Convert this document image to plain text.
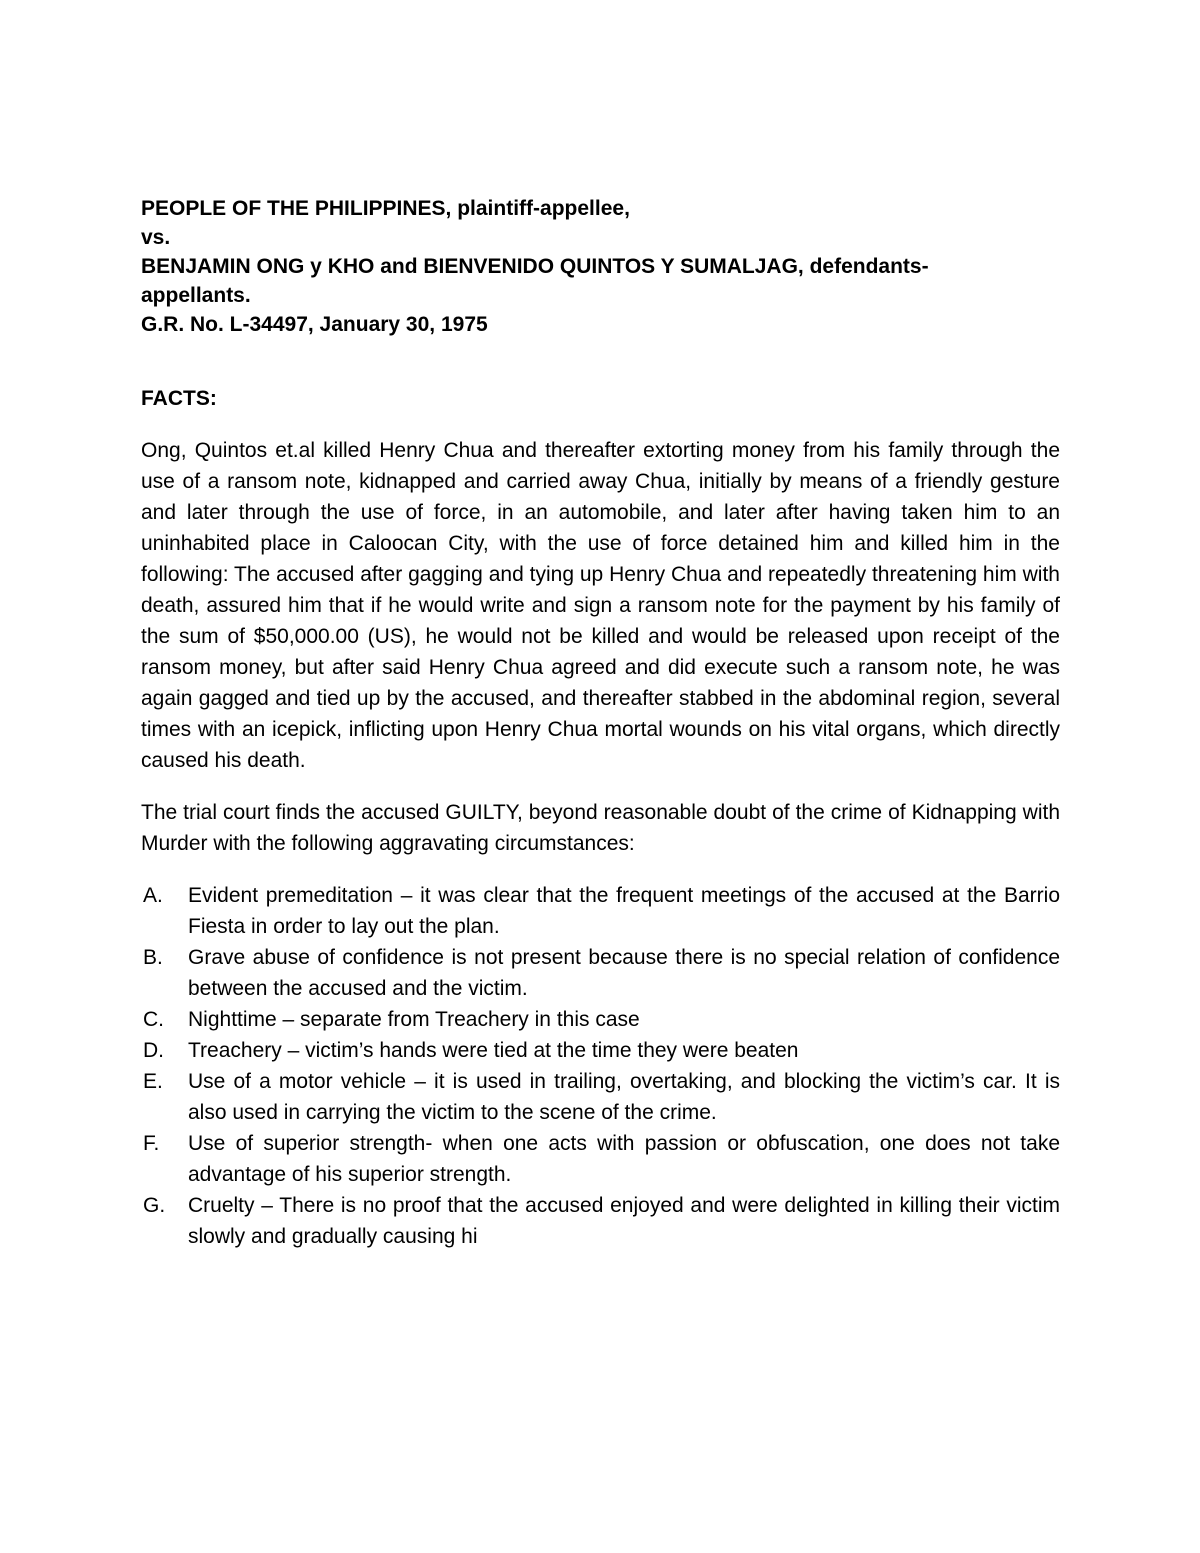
PEOPLE OF THE PHILIPPINES, plaintiff-appellee,
vs.
BENJAMIN ONG y KHO and BIENVENIDO QUINTOS Y SUMALJAG, defendants-
appellants.
G.R. No. L-34497, January 30, 1975
FACTS:

Ong, Quintos et.al killed Henry Chua and thereafter extorting money from his family through the use of a ransom note, kidnapped and carried away Chua, initially by means of a friendly gesture and later through the use of force, in an automobile, and later after having taken him to an uninhabited place in Caloocan City, with the use of force detained him and killed him in the following: The accused after gagging and tying up Henry Chua and repeatedly threatening him with death, assured him that if he would write and sign a ransom note for the payment by his family of the sum of $50,000.00 (US), he would not be killed and would be released upon receipt of the ransom money, but after said Henry Chua agreed and did execute such a ransom note, he was again gagged and tied up by the accused, and thereafter stabbed in the abdominal region, several times with an icepick, inflicting upon Henry Chua mortal wounds on his vital organs, which directly caused his death.

The trial court finds the accused GUILTY, beyond reasonable doubt of the crime of Kidnapping with Murder with the following aggravating circumstances:

A. Evident premeditation – it was clear that the frequent meetings of the accused at the Barrio Fiesta in order to lay out the plan.
B. Grave abuse of confidence is not present because there is no special relation of confidence between the accused and the victim.
C. Nighttime – separate from Treachery in this case
D. Treachery – victim’s hands were tied at the time they were beaten
E. Use of a motor vehicle – it is used in trailing, overtaking, and blocking the victim’s car. It is also used in carrying the victim to the scene of the crime.
F. Use of superior strength- when one acts with passion or obfuscation, one does not take advantage of his superior strength.
G. Cruelty – There is no proof that the accused enjoyed and were delighted in killing their victim slowly and gradually causing hi
